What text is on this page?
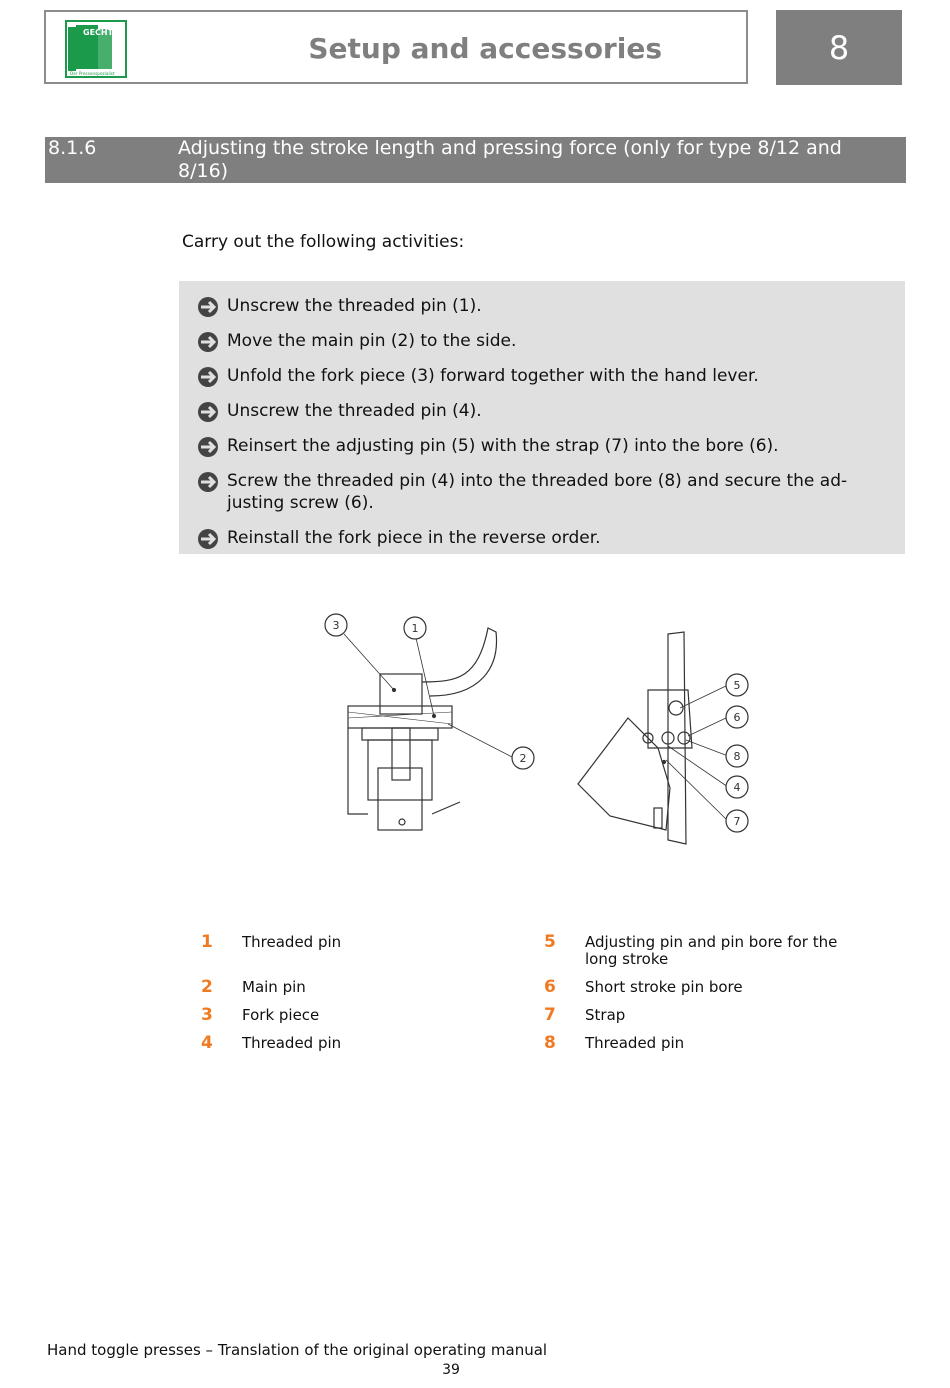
GECHTER
Der Pressenspezialist
Setup and accessories	8
8.1.6	Adjusting the stroke length and pressing force (only for type 8/12 and 8/16)
Carry out the following activities:
Unscrew the threaded pin (1).
Move the main pin (2) to the side.
Unfold the fork piece (3) forward together with the hand lever.
Unscrew the threaded pin (4).
Reinsert the adjusting pin (5) with the strap (7) into the bore (6).
Screw the threaded pin (4) into the threaded bore (8) and secure the ad-justing screw (6).
Reinstall the fork piece in the reverse order.
3	1
2
5
6
8
4
7
1 Threaded pin
2 Main pin
3 Fork piece
4 Threaded pin
5 Adjusting pin and pin bore for the long stroke
6 Short stroke pin bore
7 Strap
8 Threaded pin
Hand toggle presses – Translation of the original operating manual
39
